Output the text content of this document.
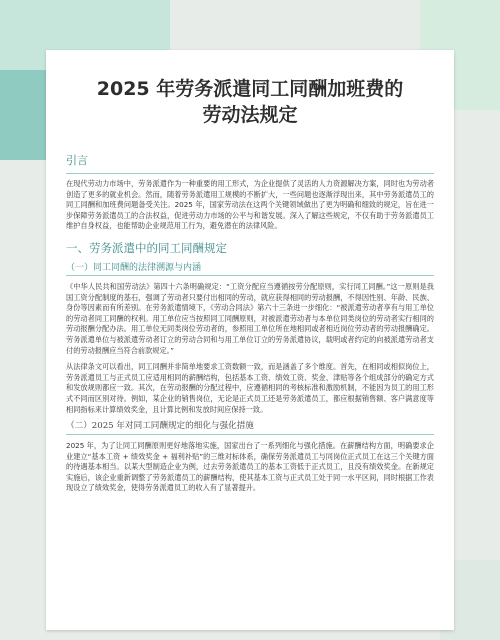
2025 年劳务派遣同工同酬加班费的
劳动法规定
引言

在现代劳动力市场中，劳务派遣作为一种重要的用工形式，为企业提供了灵活的人力资源解决方案，同时也为劳动者创造了更多的就业机会。然而，随着劳务派遣用工规模的不断扩大，一些问题也逐渐浮现出来，其中劳务派遣员工的同工同酬和加班费问题备受关注。2025 年，国家劳动法在这两个关键领域做出了更为明确和细致的规定，旨在进一步保障劳务派遣员工的合法权益，促进劳动力市场的公平与和谐发展。深入了解这些规定，不仅有助于劳务派遣员工维护自身权益，也能帮助企业规范用工行为，避免潜在的法律风险。

一、劳务派遣中的同工同酬规定
（一）同工同酬的法律溯源与内涵

《中华人民共和国劳动法》第四十六条明确规定：“工资分配应当遵循按劳分配原则，实行同工同酬。”这一原则是我国工资分配制度的基石，强调了劳动者只要付出相同的劳动，就应获得相同的劳动报酬，不得因性别、年龄、民族、身份等因素而有所差别。在劳务派遣情境下，《劳动合同法》第六十三条进一步细化：“被派遣劳动者享有与用工单位的劳动者同工同酬的权利。用工单位应当按照同工同酬原则，对被派遣劳动者与本单位同类岗位的劳动者实行相同的劳动报酬分配办法。用工单位无同类岗位劳动者的，参照用工单位所在地相同或者相近岗位劳动者的劳动报酬确定。劳务派遣单位与被派遣劳动者订立的劳动合同和与用工单位订立的劳务派遣协议，载明或者约定的向被派遣劳动者支付的劳动报酬应当符合前款规定。”

从法律条文可以看出，同工同酬并非简单地要求工资数额一致，而是涵盖了多个维度。首先，在相同或相似岗位上，劳务派遣员工与正式员工应适用相同的薪酬结构，包括基本工资、绩效工资、奖金、津贴等各个组成部分的确定方式和发放规则都应一致。其次，在劳动报酬的分配过程中，应遵循相同的考核标准和激励机制，不能因为员工的用工形式不同而区别对待。例如，某企业的销售岗位，无论是正式员工还是劳务派遣员工，都应根据销售额、客户满意度等相同指标来计算绩效奖金，且计算比例和发放时间应保持一致。

（二）2025 年对同工同酬规定的细化与强化措施

2025 年，为了让同工同酬原则更好地落地实施，国家出台了一系列细化与强化措施。在薪酬结构方面，明确要求企业建立“基本工资 + 绩效奖金 + 福利补贴”的三维对标体系，确保劳务派遣员工与同岗位正式员工在这三个关键方面的待遇基本相当。以某大型制造企业为例，过去劳务派遣员工的基本工资低于正式员工，且没有绩效奖金。在新规定实施后，该企业重新调整了劳务派遣员工的薪酬结构，使其基本工资与正式员工处于同一水平区间，同时根据工作表现设立了绩效奖金，使得劳务派遣员工的收入有了显著提升。
